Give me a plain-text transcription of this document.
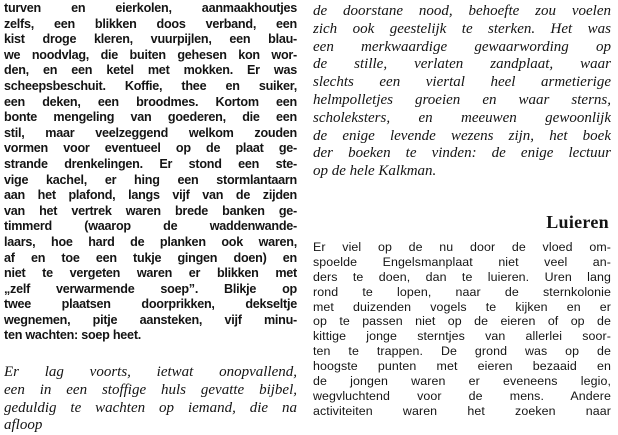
turven en eierkolen, aanmaakhoutjes
zelfs, een blikken doos verband, een
kist droge kleren, vuurpijlen, een blau-
we noodvlag, die buiten gehesen kon wor-
den, en een ketel met mokken. Er was
scheepsbeschuit. Koffie, thee en suiker,
een deken, een broodmes. Kortom een
bonte mengeling van goederen, die een
stil, maar veelzeggend welkom zouden
vormen voor eventueel op de plaat ge-
strande drenkelingen. Er stond een ste-
vige kachel, er hing een stormlantaarn
aan het plafond, langs vijf van de zijden
van het vertrek waren brede banken ge-
timmerd (waarop de waddenwande-
laars, hoe hard de planken ook waren,
af en toe een tukje gingen doen) en
niet te vergeten waren er blikken met
„zelf verwarmende soep”. Blikje op
twee plaatsen doorprikken, dekseltje
wegnemen, pitje aansteken, vijf minu-
ten wachten: soep heet.
Er lag voorts, ietwat onopvallend,
een in een stoffige huls gevatte bijbel,
geduldig te wachten op iemand, die na
afloop
de doorstane nood, behoefte zou voelen
zich ook geestelijk te sterken. Het was
een merkwaardige gewaarwording op
de stille, verlaten zandplaat, waar
slechts een viertal heel armetierige
helmpolletjes groeien en waar sterns,
scholeksters, en meeuwen gewoonlijk
de enige levende wezens zijn, het boek
der boeken te vinden: de enige lectuur
op de hele Kalkman.
Luieren
Er viel op de nu door de vloed om-
spoelde Engelsmanplaat niet veel an-
ders te doen, dan te luieren. Uren lang
rond te lopen, naar de sternkolonie
met duizenden vogels te kijken en er
op te passen niet op de eieren of op de
kittige jonge sterntjes van allerlei soor-
ten te trappen. De grond was op de
hoogste punten met eieren bezaaid en
de jongen waren er eveneens legio,
wegvluchtend voor de mens. Andere
activiteiten waren het zoeken naar
